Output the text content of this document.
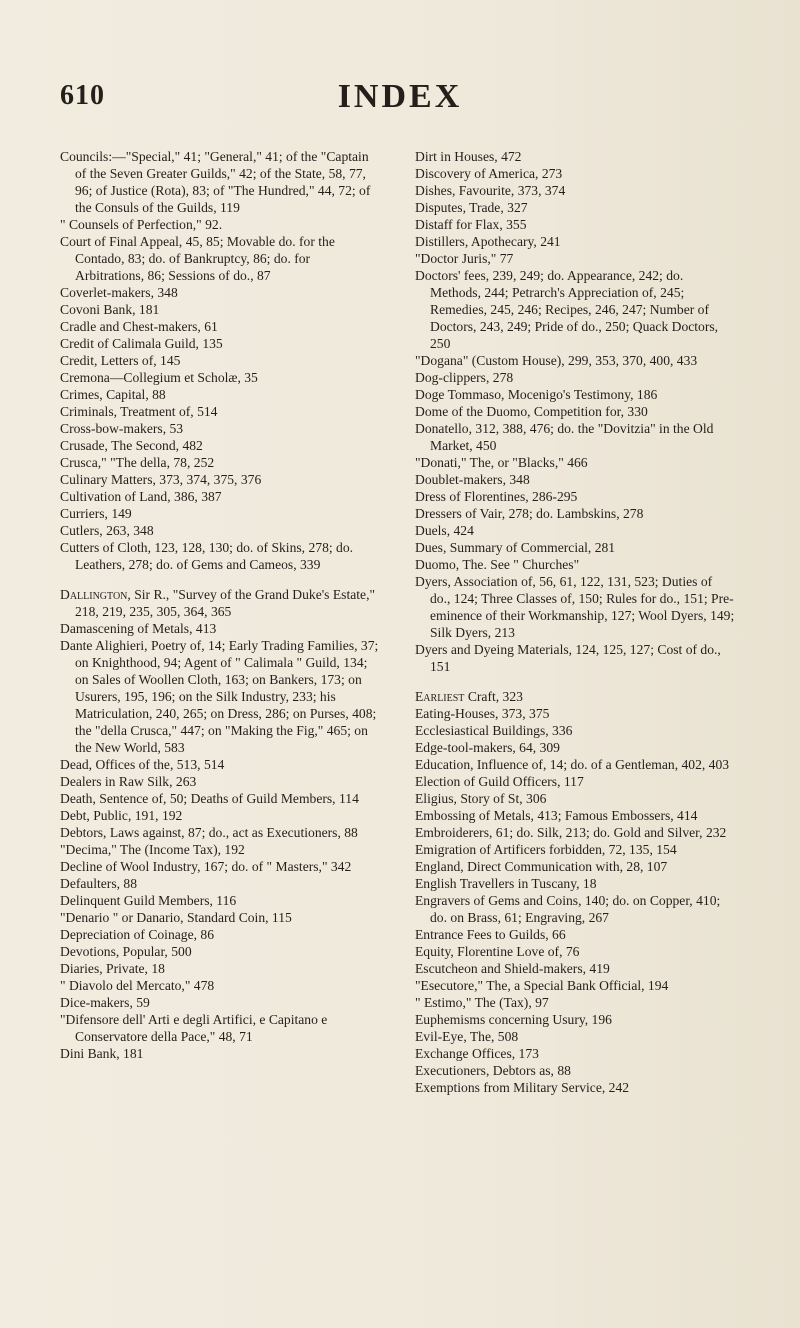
610	INDEX

Councils:—"Special," 41; "General," 41; of the "Captain of the Seven Greater Guilds," 42; of the State, 58, 77, 96; of Justice (Rota), 83; of "The Hundred," 44, 72; of the Consuls of the Guilds, 119

" Counsels of Perfection," 92.

Court of Final Appeal, 45, 85; Movable do. for the Contado, 83; do. of Bankruptcy, 86; do. for Arbitrations, 86; Sessions of do., 87

Coverlet-makers, 348

Covoni Bank, 181

Cradle and Chest-makers, 61

Credit of Calimala Guild, 135

Credit, Letters of, 145

Cremona—Collegium et Scholæ, 35

Crimes, Capital, 88

Criminals, Treatment of, 514

Cross-bow-makers, 53

Crusade, The Second, 482

Crusca," "The della, 78, 252

Culinary Matters, 373, 374, 375, 376

Cultivation of Land, 386, 387

Curriers, 149

Cutlers, 263, 348

Cutters of Cloth, 123, 128, 130; do. of Skins, 278; do. Leathers, 278; do. of Gems and Cameos, 339

Dallington, Sir R., "Survey of the Grand Duke's Estate," 218, 219, 235, 305, 364, 365

Damascening of Metals, 413

Dante Alighieri, Poetry of, 14; Early Trading Families, 37; on Knighthood, 94; Agent of " Calimala " Guild, 134; on Sales of Woollen Cloth, 163; on Bankers, 173; on Usurers, 195, 196; on the Silk Industry, 233; his Matriculation, 240, 265; on Dress, 286; on Purses, 408; the "della Crusca," 447; on "Making the Fig," 465; on the New World, 583

Dead, Offices of the, 513, 514

Dealers in Raw Silk, 263

Death, Sentence of, 50; Deaths of Guild Members, 114

Debt, Public, 191, 192

Debtors, Laws against, 87; do., act as Executioners, 88

"Decima," The (Income Tax), 192

Decline of Wool Industry, 167; do. of " Masters," 342

Defaulters, 88

Delinquent Guild Members, 116

"Denario " or Danario, Standard Coin, 115

Depreciation of Coinage, 86

Devotions, Popular, 500

Diaries, Private, 18

" Diavolo del Mercato," 478

Dice-makers, 59

"Difensore dell' Arti e degli Artifici, e Capitano e Conservatore della Pace," 48, 71

Dini Bank, 181

Dirt in Houses, 472

Discovery of America, 273

Dishes, Favourite, 373, 374

Disputes, Trade, 327

Distaff for Flax, 355

Distillers, Apothecary, 241

"Doctor Juris," 77

Doctors' fees, 239, 249; do. Appearance, 242; do. Methods, 244; Petrarch's Appreciation of, 245; Remedies, 245, 246; Recipes, 246, 247; Number of Doctors, 243, 249; Pride of do., 250; Quack Doctors, 250

"Dogana" (Custom House), 299, 353, 370, 400, 433

Dog-clippers, 278

Doge Tommaso, Mocenigo's Testimony, 186

Dome of the Duomo, Competition for, 330

Donatello, 312, 388, 476; do. the "Dovitzia" in the Old Market, 450

"Donati," The, or "Blacks," 466

Doublet-makers, 348

Dress of Florentines, 286-295

Dressers of Vair, 278; do. Lambskins, 278

Duels, 424

Dues, Summary of Commercial, 281

Duomo, The. See " Churches"

Dyers, Association of, 56, 61, 122, 131, 523; Duties of do., 124; Three Classes of, 150; Rules for do., 151; Pre-eminence of their Workmanship, 127; Wool Dyers, 149; Silk Dyers, 213

Dyers and Dyeing Materials, 124, 125, 127; Cost of do., 151

Earliest Craft, 323

Eating-Houses, 373, 375

Ecclesiastical Buildings, 336

Edge-tool-makers, 64, 309

Education, Influence of, 14; do. of a Gentleman, 402, 403

Election of Guild Officers, 117

Eligius, Story of St, 306

Embossing of Metals, 413; Famous Embossers, 414

Embroiderers, 61; do. Silk, 213; do. Gold and Silver, 232

Emigration of Artificers forbidden, 72, 135, 154

England, Direct Communication with, 28, 107

English Travellers in Tuscany, 18

Engravers of Gems and Coins, 140; do. on Copper, 410; do. on Brass, 61; Engraving, 267

Entrance Fees to Guilds, 66

Equity, Florentine Love of, 76

Escutcheon and Shield-makers, 419

"Esecutore," The, a Special Bank Official, 194

" Estimo," The (Tax), 97

Euphemisms concerning Usury, 196

Evil-Eye, The, 508

Exchange Offices, 173

Executioners, Debtors as, 88

Exemptions from Military Service, 242
